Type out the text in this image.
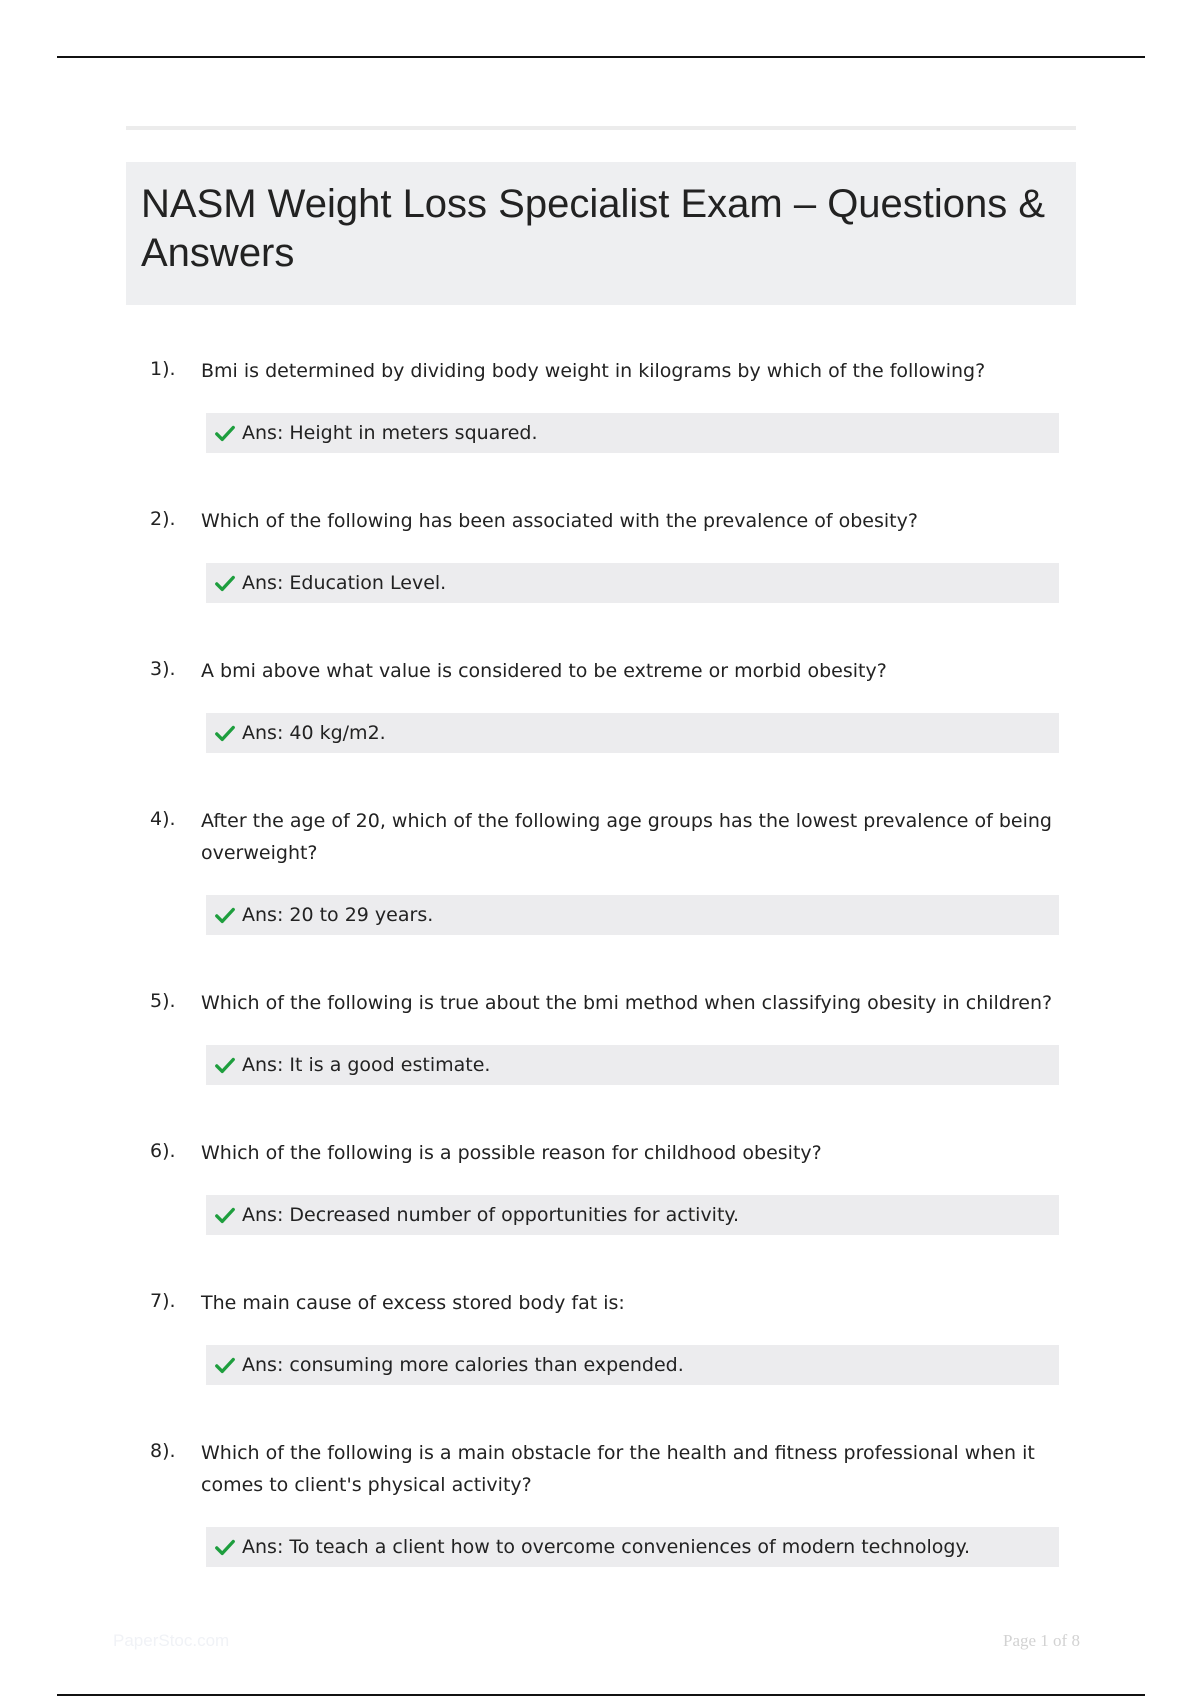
NASM Weight Loss Specialist Exam – Questions & Answers
1).	Bmi is determined by dividing body weight in kilograms by which of the following?

Ans: Height in meters squared.
2).	Which of the following has been associated with the prevalence of obesity?

Ans: Education Level.
3).	A bmi above what value is considered to be extreme or morbid obesity?

Ans: 40 kg/m2.
4).	After the age of 20, which of the following age groups has the lowest prevalence of being overweight?

Ans: 20 to 29 years.
5).	Which of the following is true about the bmi method when classifying obesity in children?

Ans: It is a good estimate.
6).	Which of the following is a possible reason for childhood obesity?

Ans: Decreased number of opportunities for activity.
7).	The main cause of excess stored body fat is:

Ans: consuming more calories than expended.
8).	Which of the following is a main obstacle for the health and fitness professional when it comes to client's physical activity?

Ans: To teach a client how to overcome conveniences of modern technology.
PaperStoc.com	Page 1 of 8
